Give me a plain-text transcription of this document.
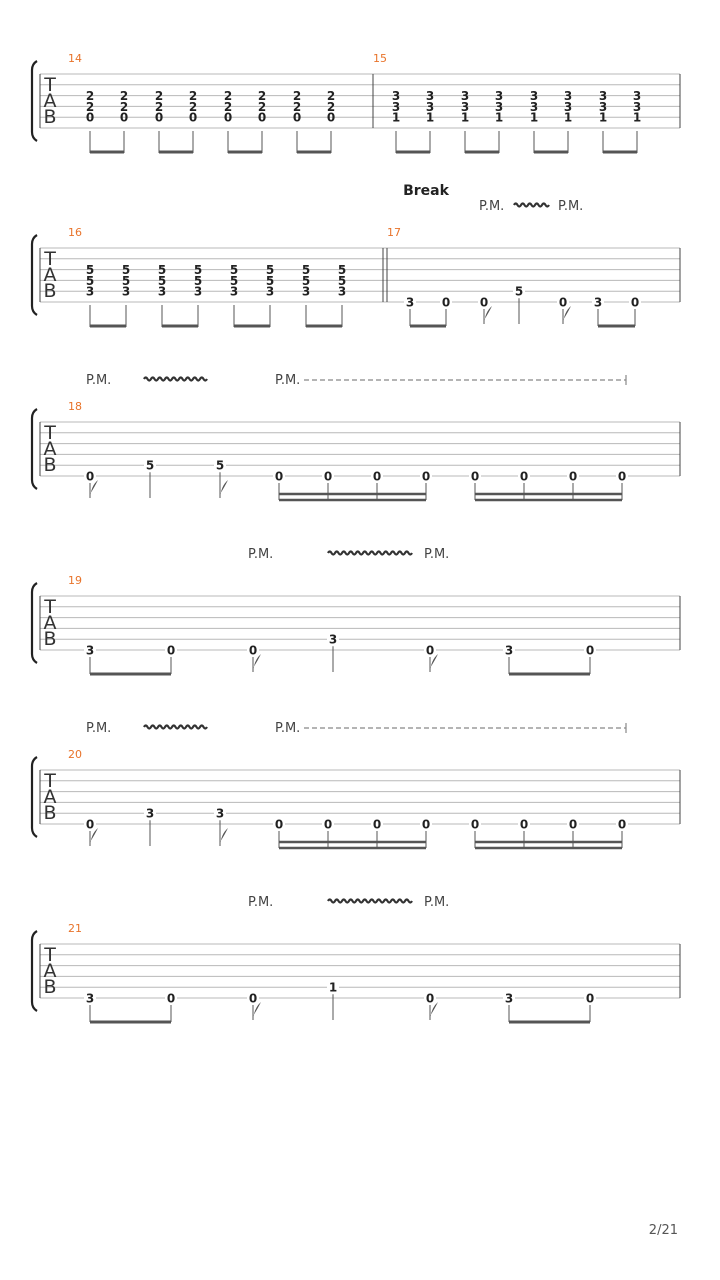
T
A
B
14	15
2
2
0
2
2
0
2
2
0
2
2
0
2
2
0
2
2
0
2
2
0
2
2
0
3
3
1
3
3
1
3
3
1
3
3
1
3
3
1
3
3
1
3
3
1
3
3
1
T
A
B
16	17
Break
5
5
3
5
5
3
5
5
3
5
5
3
5
5
3
5
5
3
5
5
3
5
5
3
3 0 0
5
0 3 0
P.M.	P.M.
T
A
B
18
0
5	5
0	0	0	0	0	0	0	0
P.M.	P.M.
T
A
B
19
3	0	0
3
0	3	0
P.M.	P.M.
T
A
B
20
0
3	3
0	0	0	0	0	0	0	0
P.M.	P.M.
T
A
B
21
3	0	0
1
0	3	0
P.M.	P.M.
2/21
